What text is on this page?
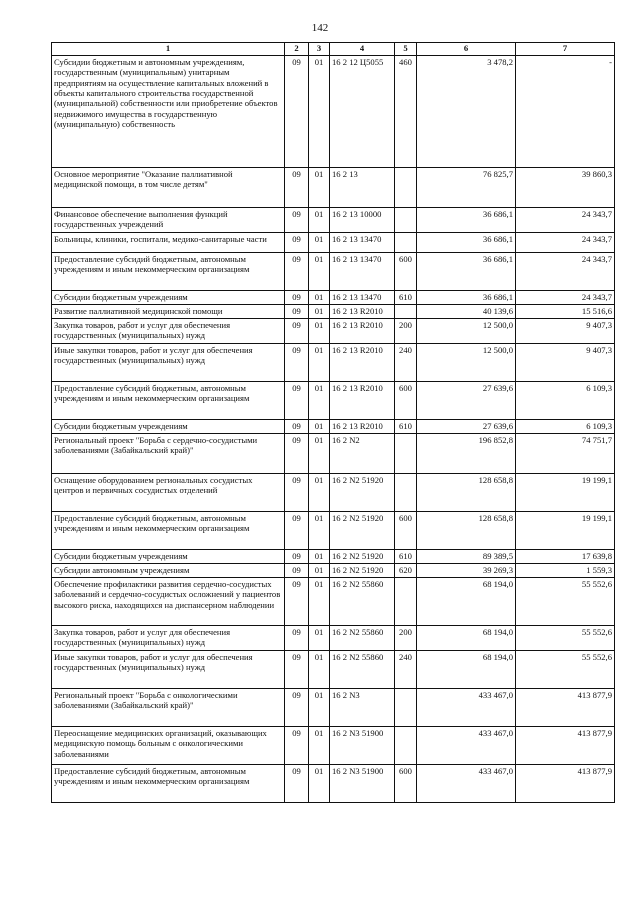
142
1	2	3	4	5	6	7
Субсидии бюджетным и автономным учреждениям, государственным (муниципальным) унитарным предприятиям на осуществление капитальных вложений в объекты капитального строительства государственной (муниципальной) собственности или приобретение объектов недвижимого имущества в государственную (муниципальную) собственность	09	01	16 2 12 Ц5055	460	3 478,2	-
Основное мероприятие "Оказание паллиативной медицинской помощи, в том числе детям"	09	01	16 2 13		76 825,7	39 860,3
Финансовое обеспечение выполнения функций государственных учреждений	09	01	16 2 13 10000		36 686,1	24 343,7
Больницы, клиники, госпитали, медико-санитарные части	09	01	16 2 13 13470		36 686,1	24 343,7
Предоставление субсидий бюджетным, автономным учреждениям и иным некоммерческим организациям	09	01	16 2 13 13470	600	36 686,1	24 343,7
Субсидии бюджетным учреждениям	09	01	16 2 13 13470	610	36 686,1	24 343,7
Развитие паллиативной медицинской помощи	09	01	16 2 13 R2010		40 139,6	15 516,6
Закупка товаров, работ и услуг для обеспечения государственных (муниципальных) нужд	09	01	16 2 13 R2010	200	12 500,0	9 407,3
Иные закупки товаров, работ и услуг для обеспечения государственных (муниципальных) нужд	09	01	16 2 13 R2010	240	12 500,0	9 407,3
Предоставление субсидий бюджетным, автономным учреждениям и иным некоммерческим организациям	09	01	16 2 13 R2010	600	27 639,6	6 109,3
Субсидии бюджетным учреждениям	09	01	16 2 13 R2010	610	27 639,6	6 109,3
Региональный проект "Борьба с сердечно-сосудистыми заболеваниями (Забайкальский край)"	09	01	16 2 N2		196 852,8	74 751,7
Оснащение оборудованием региональных сосудистых центров и первичных сосудистых отделений	09	01	16 2 N2 51920		128 658,8	19 199,1
Предоставление субсидий бюджетным, автономным учреждениям и иным некоммерческим организациям	09	01	16 2 N2 51920	600	128 658,8	19 199,1
Субсидии бюджетным учреждениям	09	01	16 2 N2 51920	610	89 389,5	17 639,8
Субсидии автономным учреждениям	09	01	16 2 N2 51920	620	39 269,3	1 559,3
Обеспечение профилактики развития сердечно-сосудистых заболеваний и сердечно-сосудистых осложнений у пациентов высокого риска, находящихся на диспансерном наблюдении	09	01	16 2 N2 55860		68 194,0	55 552,6
Закупка товаров, работ и услуг для обеспечения государственных (муниципальных) нужд	09	01	16 2 N2 55860	200	68 194,0	55 552,6
Иные закупки товаров, работ и услуг для обеспечения государственных (муниципальных) нужд	09	01	16 2 N2 55860	240	68 194,0	55 552,6
Региональный проект "Борьба с онкологическими заболеваниями (Забайкальский край)"	09	01	16 2 N3		433 467,0	413 877,9
Переоснащение медицинских организаций, оказывающих медицинскую помощь больным с онкологическими заболеваниями	09	01	16 2 N3 51900		433 467,0	413 877,9
Предоставление субсидий бюджетным, автономным учреждениям и иным некоммерческим организациям	09	01	16 2 N3 51900	600	433 467,0	413 877,9
